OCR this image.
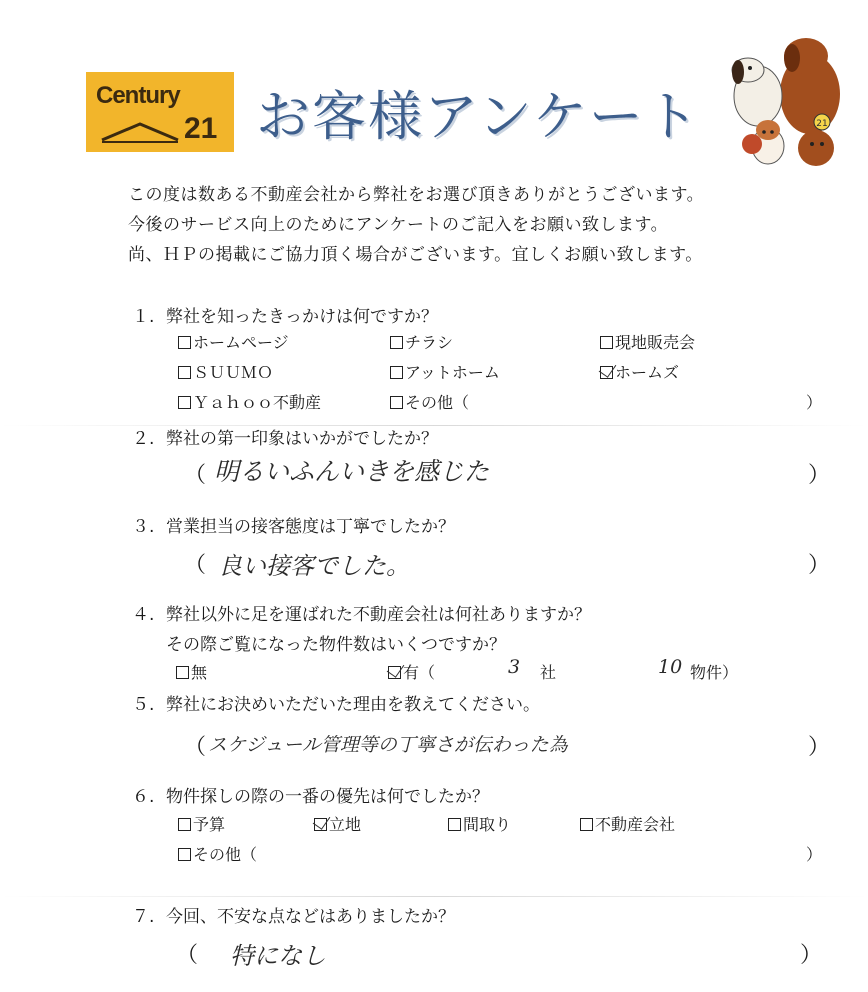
Century
21 お客様アンケート	21
この度は数ある不動産会社から弊社をお選び頂きありがとうございます。
今後のサービス向上のためにアンケートのご記入をお願い致します。
尚、ＨＰの掲載にご協力頂く場合がございます。宜しくお願い致します。
１. 弊社を知ったきっかけは何ですか？
ホームページ	チラシ	現地販売会
ＳＵＵＭＯ	アットホーム	ホームズ
Ｙａｈｏｏ不動産	その他（	）
２. 弊社の第一印象はいかがでしたか？
（ 明るいふんいきを感じた	）
３. 営業担当の接客態度は丁寧でしたか？
（ 良い接客でした。	）
４. 弊社以外に足を運ばれた不動産会社は何社ありますか？
その際ご覧になった物件数はいくつですか？
無	有（	3 社	10 物件）
５. 弊社にお決めいただいた理由を教えてください。
（ スケジュール管理等の丁寧さが伝わった為	）
６. 物件探しの際の一番の優先は何でしたか？
予算	立地	間取り	不動産会社
その他（	）
７. 今回、不安な点などはありましたか？
（ 特になし	）
